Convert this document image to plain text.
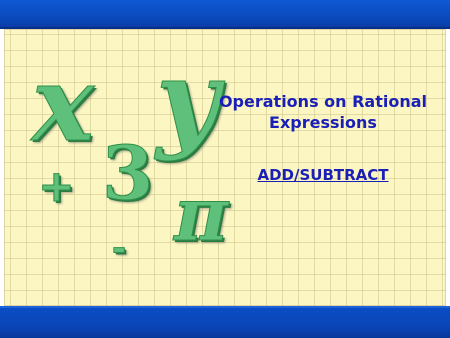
x y
3
+ π
-
Operations on Rational
Expressions
ADD/SUBTRACT
